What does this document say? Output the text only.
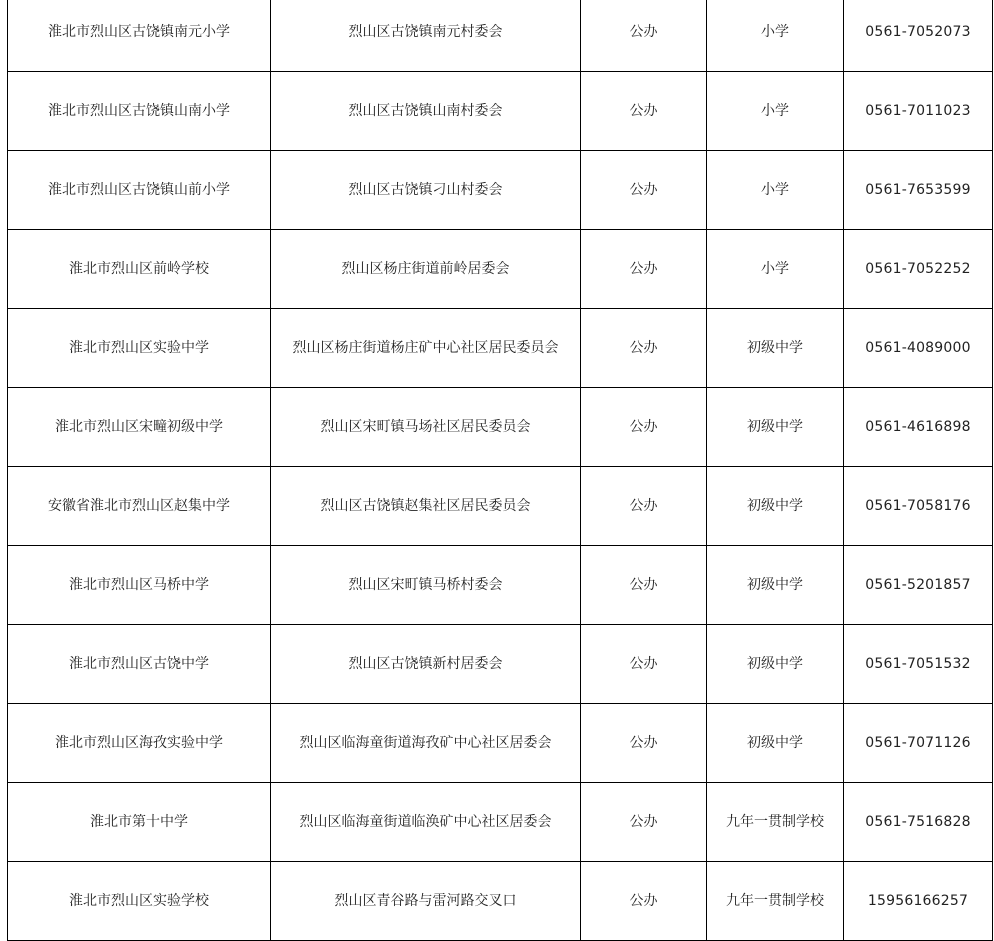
淮北市烈山区古饶镇南元小学	烈山区古饶镇南元村委会	公办	小学	0561-7052073
淮北市烈山区古饶镇山南小学	烈山区古饶镇山南村委会	公办	小学	0561-7011023
淮北市烈山区古饶镇山前小学	烈山区古饶镇刁山村委会	公办	小学	0561-7653599
淮北市烈山区前岭学校	烈山区杨庄街道前岭居委会	公办	小学	0561-7052252
淮北市烈山区实验中学	烈山区杨庄街道杨庄矿中心社区居民委员会	公办	初级中学	0561-4089000
淮北市烈山区宋疃初级中学	烈山区宋町镇马场社区居民委员会	公办	初级中学	0561-4616898
安徽省淮北市烈山区赵集中学	烈山区古饶镇赵集社区居民委员会	公办	初级中学	0561-7058176
淮北市烈山区马桥中学	烈山区宋町镇马桥村委会	公办	初级中学	0561-5201857
淮北市烈山区古饶中学	烈山区古饶镇新村居委会	公办	初级中学	0561-7051532
淮北市烈山区海孜实验中学	烈山区临海童街道海孜矿中心社区居委会	公办	初级中学	0561-7071126
淮北市第十中学	烈山区临海童街道临涣矿中心社区居委会	公办	九年一贯制学校	0561-7516828
淮北市烈山区实验学校	烈山区青谷路与雷河路交叉口	公办	九年一贯制学校	15956166257
